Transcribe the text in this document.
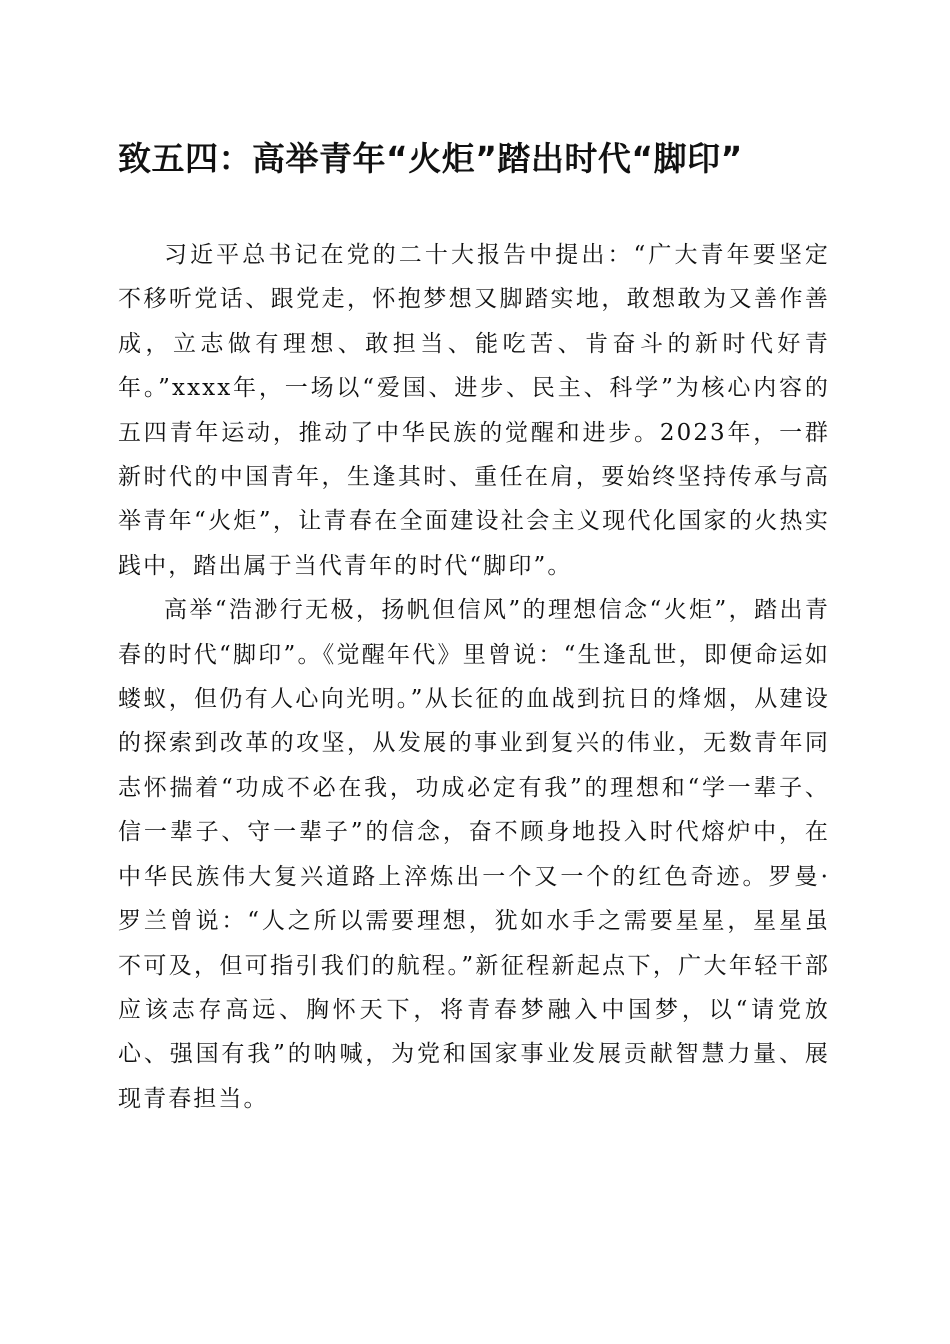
致五四：高举青年“火炬”踏出时代“脚印”

习近平总书记在党的二十大报告中提出：“广大青年要坚定不移听党话、跟党走，怀抱梦想又脚踏实地，敢想敢为又善作善成，立志做有理想、敢担当、能吃苦、肯奋斗的新时代好青年。”xxxx年，一场以“爱国、进步、民主、科学”为核心内容的五四青年运动，推动了中华民族的觉醒和进步。2023年，一群新时代的中国青年，生逢其时、重任在肩，要始终坚持传承与高举青年“火炬”，让青春在全面建设社会主义现代化国家的火热实践中，踏出属于当代青年的时代“脚印”。

高举“浩渺行无极，扬帆但信风”的理想信念“火炬”，踏出青春的时代“脚印”。《觉醒年代》里曾说：“生逢乱世，即便命运如蝼蚁，但仍有人心向光明。”从长征的血战到抗日的烽烟，从建设的探索到改革的攻坚，从发展的事业到复兴的伟业，无数青年同志怀揣着“功成不必在我，功成必定有我”的理想和“学一辈子、信一辈子、守一辈子”的信念，奋不顾身地投入时代熔炉中，在中华民族伟大复兴道路上淬炼出一个又一个的红色奇迹。罗曼·罗兰曾说：“人之所以需要理想，犹如水手之需要星星，星星虽不可及，但可指引我们的航程。”新征程新起点下，广大年轻干部应该志存高远、胸怀天下，将青春梦融入中国梦，以“请党放心、强国有我”的呐喊，为党和国家事业发展贡献智慧力量、展现青春担当。
